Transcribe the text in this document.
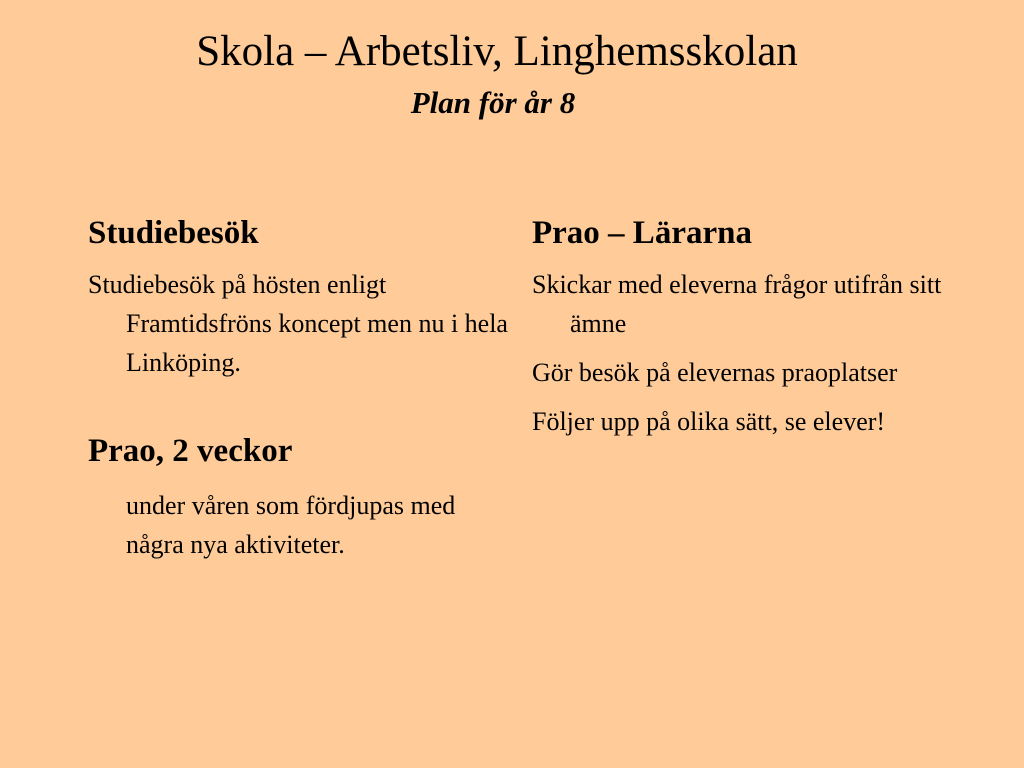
Skola – Arbetsliv, Linghemsskolan
Plan för år 8
Studiebesök

Studiebesök på hösten enligt Framtidsfröns koncept men nu i hela Linköping.

Prao, 2 veckor

under våren som fördjupas med några nya aktiviteter.

Prao – Lärarna

Skickar med eleverna frågor utifrån sitt ämne

Gör besök på elevernas praoplatser

Följer upp på olika sätt, se elever!
